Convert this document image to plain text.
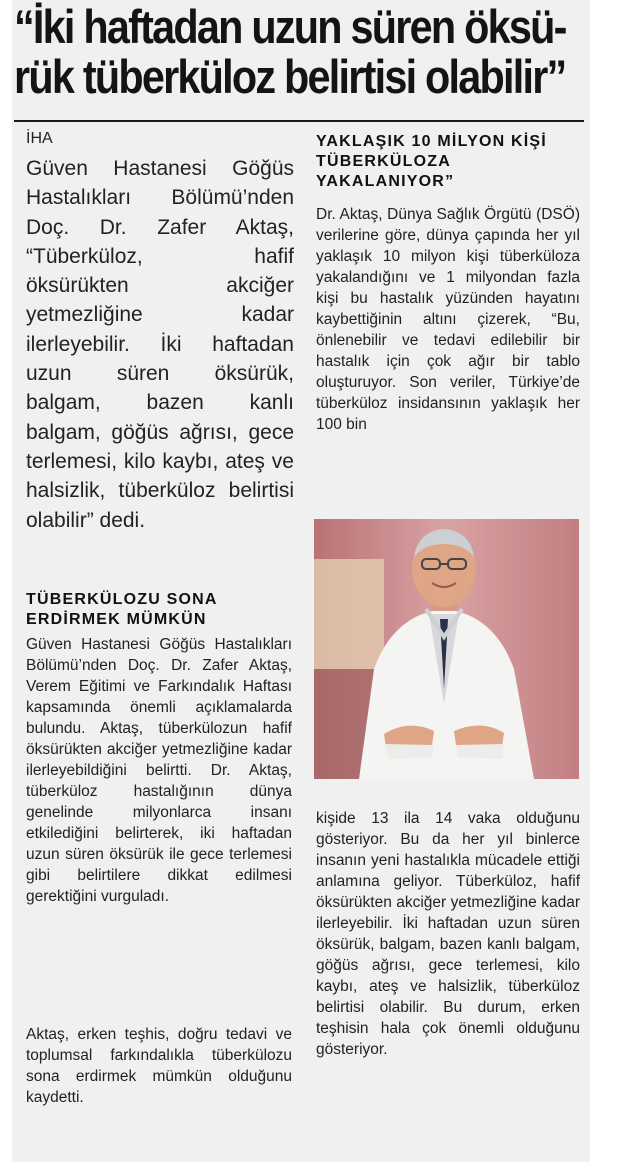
“İki haftadan uzun süren öksü-
rük tüberküloz belirtisi olabilir”
İHA

Güven Hastanesi Göğüs Hastalıkları Bölümü’nden Doç. Dr. Zafer Aktaş, “Tüberküloz, hafif öksürükten akciğer yetmezliğine kadar ilerleyebilir. İki haftadan uzun süren öksürük, balgam, bazen kanlı balgam, göğüs ağrısı, gece terlemesi, kilo kaybı, ateş ve halsizlik, tüberküloz belirtisi olabilir” dedi.

TÜBERKÜLOZU SONA ERDİRMEK MÜMKÜN

Güven Hastanesi Göğüs Hastalıkları Bölümü’nden Doç. Dr. Zafer Aktaş, Verem Eğitimi ve Farkındalık Haftası kapsamında önemli açıklamalarda bulundu. Aktaş, tüberkülozun hafif öksürükten akciğer yetmezliğine kadar ilerleyebildiğini belirtti. Dr. Aktaş, tüberküloz hastalığının dünya genelinde milyonlarca insanı etkilediğini belirterek, iki haftadan uzun süren öksürük ile gece terlemesi gibi belirtilere dikkat edilmesi gerektiğini vurguladı.

Aktaş, erken teşhis, doğru tedavi ve toplumsal farkındalıkla tüberkülozu sona erdirmek mümkün olduğunu kaydetti.

YAKLAŞIK 10 MİLYON KİŞİ TÜBERKÜLOZA YAKALANIYOR”

Dr. Aktaş, Dünya Sağlık Örgütü (DSÖ) verilerine göre, dünya çapında her yıl yaklaşık 10 milyon kişi tüberküloza yakalandığını ve 1 milyondan fazla kişi bu hastalık yüzünden hayatını kaybettiğinin altını çizerek, “Bu, önlenebilir ve tedavi edilebilir bir hastalık için çok ağır bir tablo oluşturuyor. Son veriler, Türkiye’de tüberküloz insidansının yaklaşık her 100 bin

kişide 13 ila 14 vaka olduğunu gösteriyor. Bu da her yıl binlerce insanın yeni hastalıkla mücadele ettiği anlamına geliyor. Tüberküloz, hafif öksürükten akciğer yetmezliğine kadar ilerleyebilir. İki haftadan uzun süren öksürük, balgam, bazen kanlı balgam, göğüs ağrısı, gece terlemesi, kilo kaybı, ateş ve halsizlik, tüberküloz belirtisi olabilir. Bu durum, erken teşhisin hala çok önemli olduğunu gösteriyor.
